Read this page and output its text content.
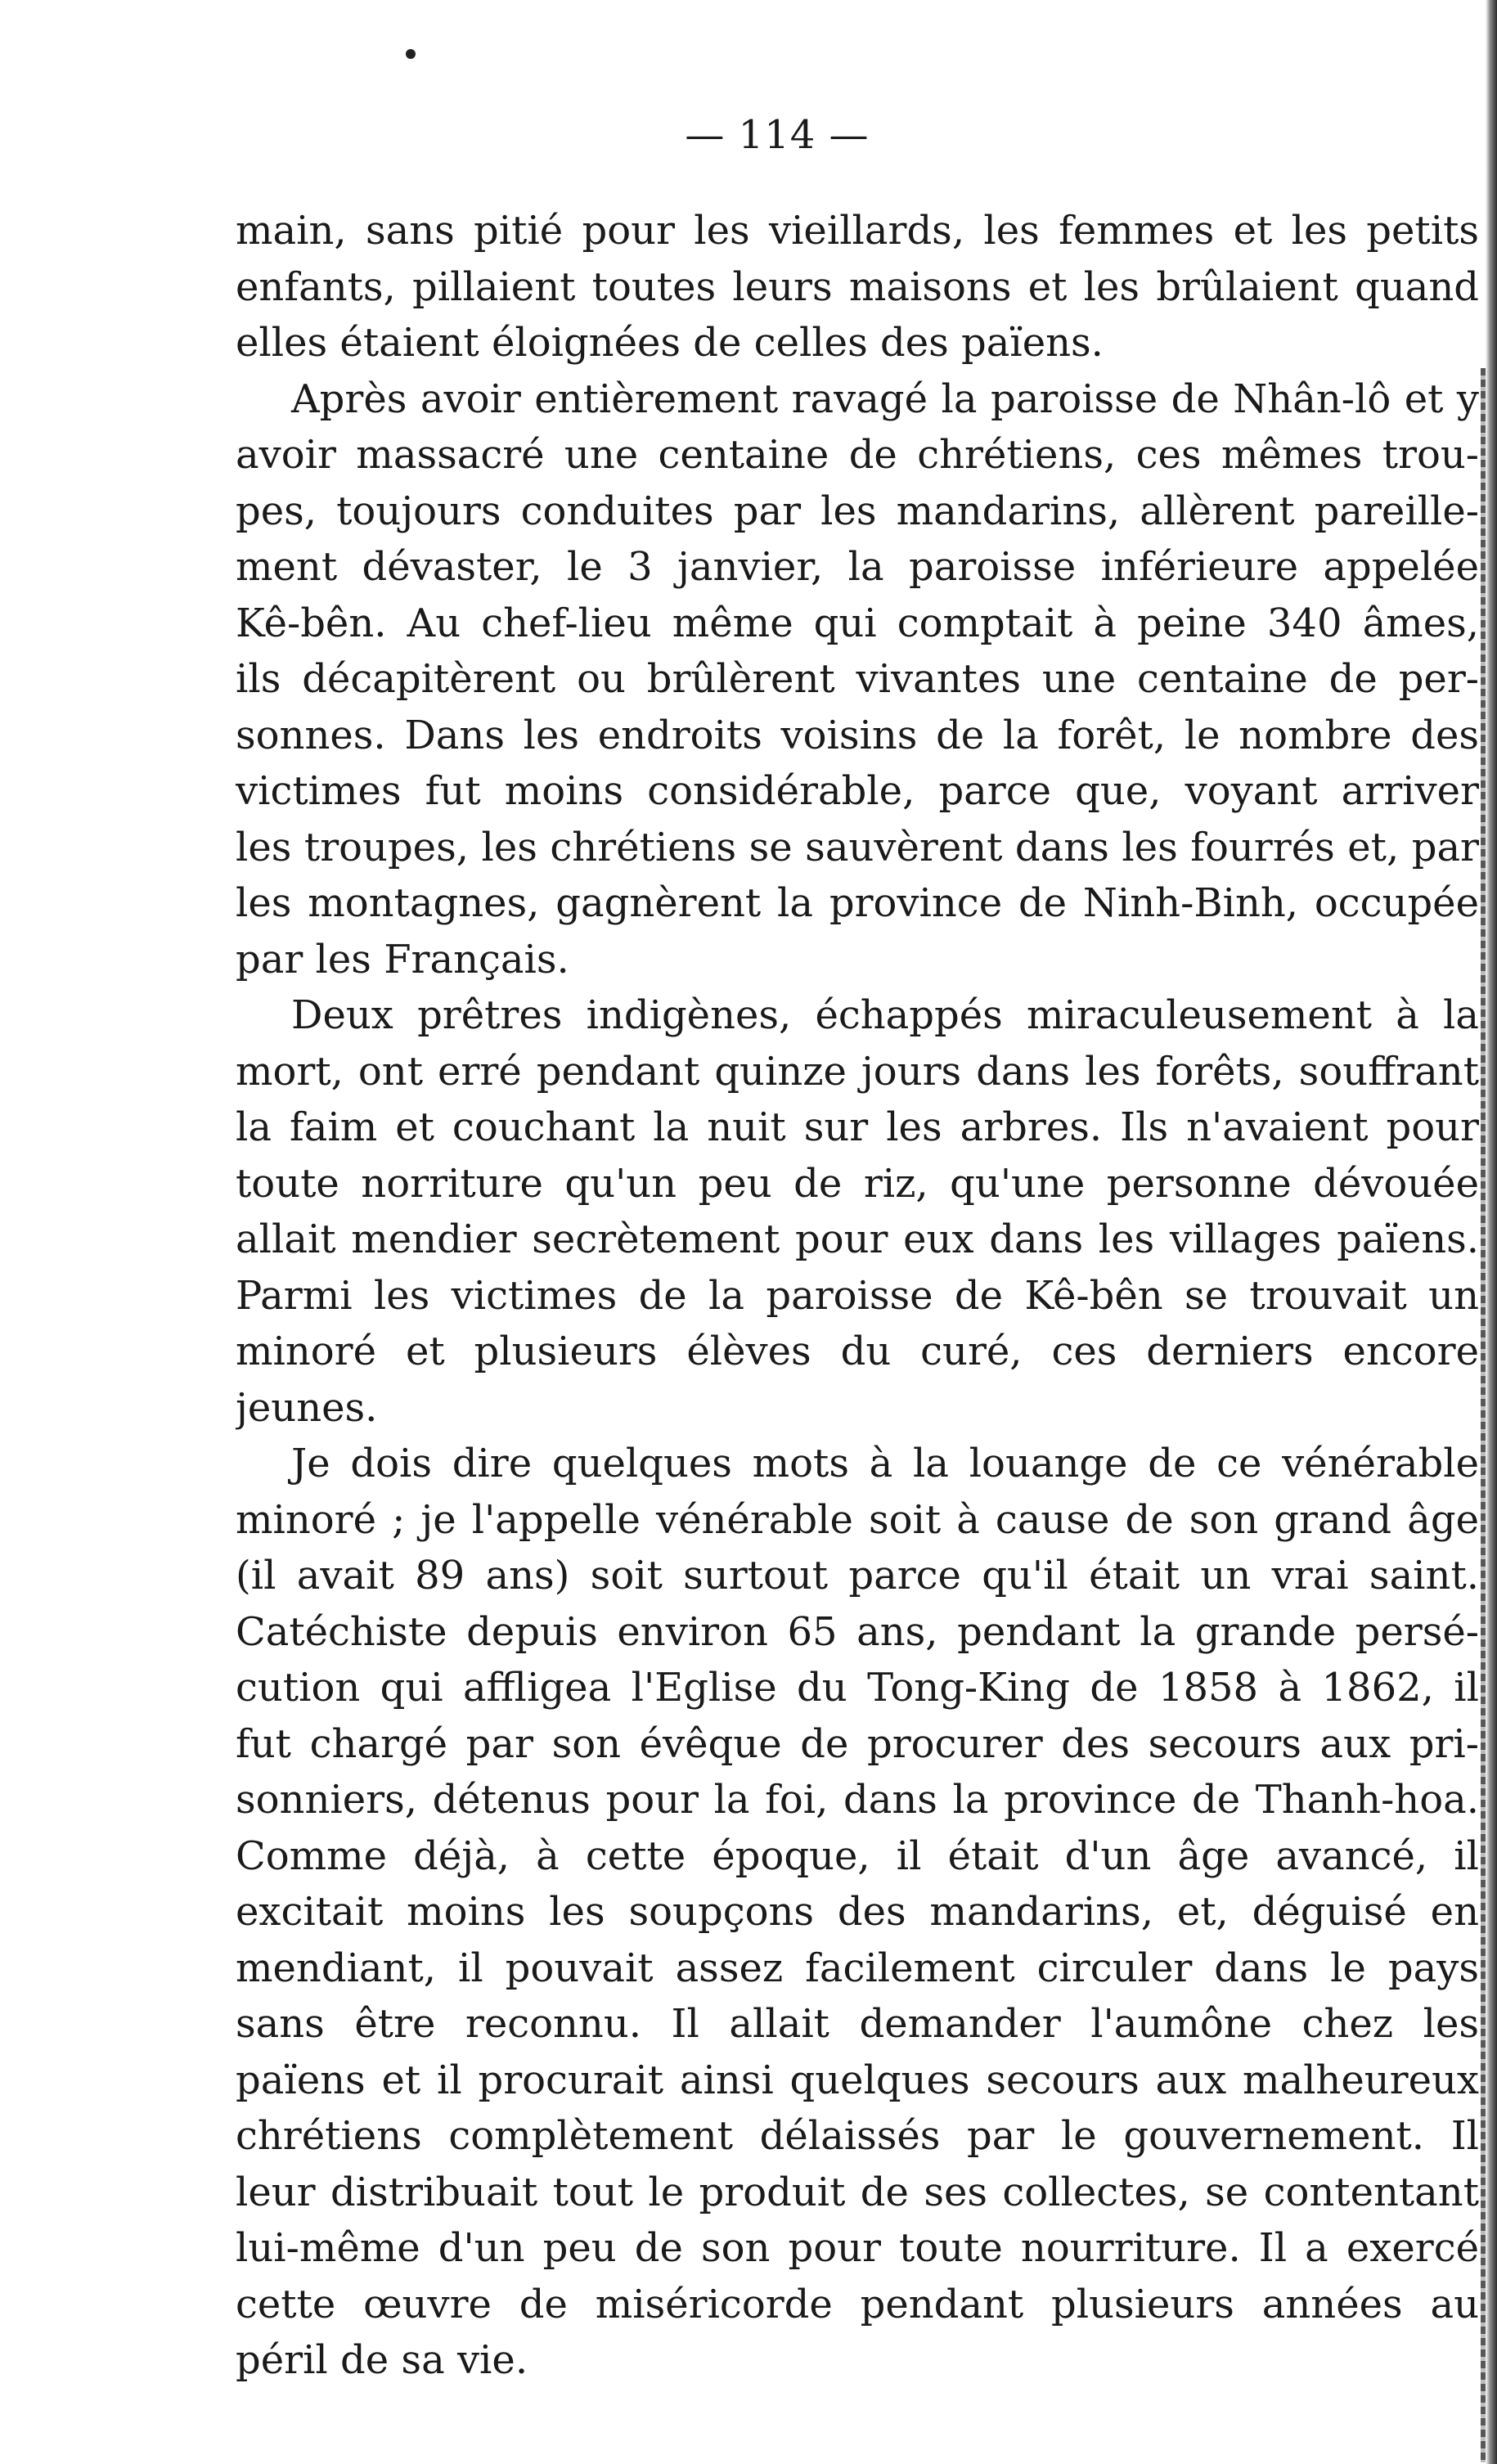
— 114 —
main, sans pitié pour les vieillards, les femmes et les petits
enfants, pillaient toutes leurs maisons et les brûlaient quand
elles étaient éloignées de celles des païens.
Après avoir entièrement ravagé la paroisse de Nhân-lô et y
avoir massacré une centaine de chrétiens, ces mêmes trou-
pes, toujours conduites par les mandarins, allèrent pareille-
ment dévaster, le 3 janvier, la paroisse inférieure appelée
Kê-bên. Au chef-lieu même qui comptait à peine 340 âmes,
ils décapitèrent ou brûlèrent vivantes une centaine de per-
sonnes. Dans les endroits voisins de la forêt, le nombre des
victimes fut moins considérable, parce que, voyant arriver
les troupes, les chrétiens se sauvèrent dans les fourrés et, par
les montagnes, gagnèrent la province de Ninh-Binh, occupée
par les Français.
Deux prêtres indigènes, échappés miraculeusement à la
mort, ont erré pendant quinze jours dans les forêts, souffrant
la faim et couchant la nuit sur les arbres. Ils n'avaient pour
toute norriture qu'un peu de riz, qu'une personne dévouée
allait mendier secrètement pour eux dans les villages païens.
Parmi les victimes de la paroisse de Kê-bên se trouvait un
minoré et plusieurs élèves du curé, ces derniers encore
jeunes.
Je dois dire quelques mots à la louange de ce vénérable
minoré ; je l'appelle vénérable soit à cause de son grand âge
(il avait 89 ans) soit surtout parce qu'il était un vrai saint.
Catéchiste depuis environ 65 ans, pendant la grande persé-
cution qui affligea l'Eglise du Tong-King de 1858 à 1862, il
fut chargé par son évêque de procurer des secours aux pri-
sonniers, détenus pour la foi, dans la province de Thanh-hoa.
Comme déjà, à cette époque, il était d'un âge avancé, il
excitait moins les soupçons des mandarins, et, déguisé en
mendiant, il pouvait assez facilement circuler dans le pays
sans être reconnu. Il allait demander l'aumône chez les
païens et il procurait ainsi quelques secours aux malheureux
chrétiens complètement délaissés par le gouvernement. Il
leur distribuait tout le produit de ses collectes, se contentant
lui-même d'un peu de son pour toute nourriture. Il a exercé
cette œuvre de miséricorde pendant plusieurs années au
péril de sa vie.
